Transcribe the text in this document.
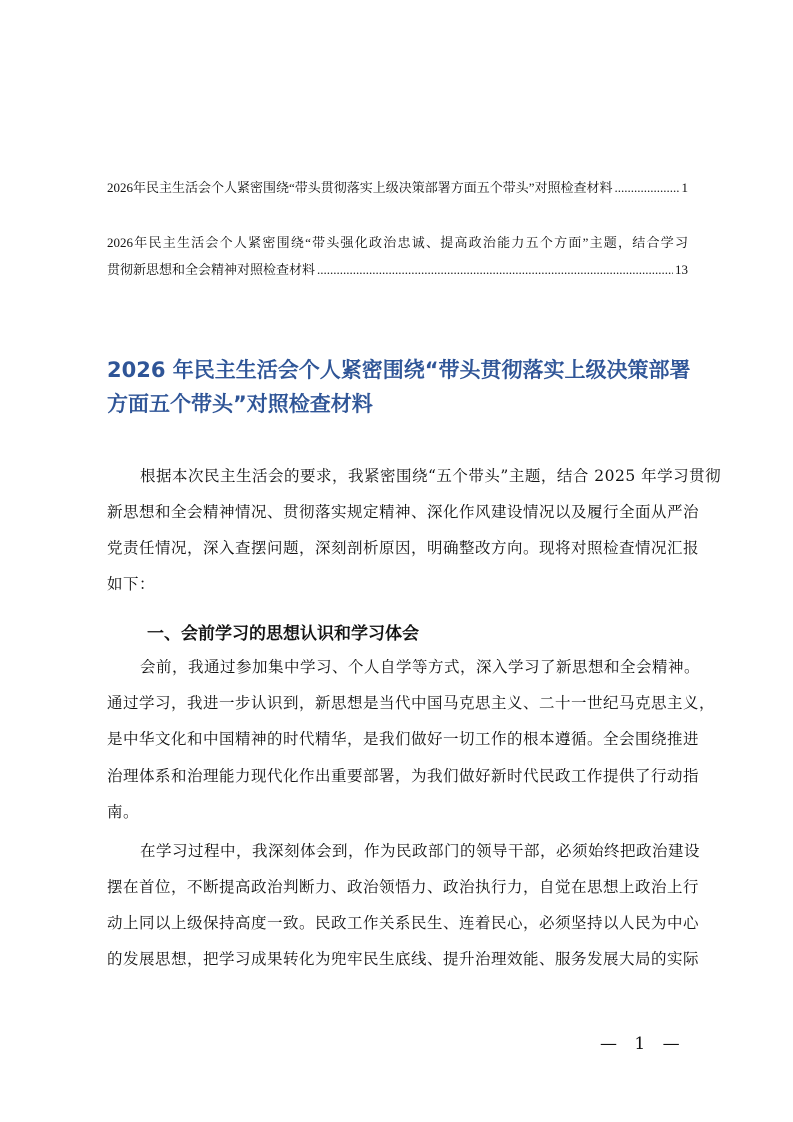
2026年民主生活会个人紧密围绕“带头贯彻落实上级决策部署方面五个带头”对照检查材料 .....	1
2026年民主生活会个人紧密围绕“带头强化政治忠诚、提高政治能力五个方面”主题，结合学习
贯彻新思想和全会精神对照检查材料 .....	13
2026 年民主生活会个人紧密围绕“带头贯彻落实上级决策部署
方面五个带头”对照检查材料
根据本次民主生活会的要求，我紧密围绕“五个带头”主题，结合 2025 年学习贯彻
新思想和全会精神情况、贯彻落实规定精神、深化作风建设情况以及履行全面从严治
党责任情况，深入查摆问题，深刻剖析原因，明确整改方向。现将对照检查情况汇报
如下：
一、会前学习的思想认识和学习体会
会前，我通过参加集中学习、个人自学等方式，深入学习了新思想和全会精神。
通过学习，我进一步认识到，新思想是当代中国马克思主义、二十一世纪马克思主义，
是中华文化和中国精神的时代精华，是我们做好一切工作的根本遵循。全会围绕推进
治理体系和治理能力现代化作出重要部署，为我们做好新时代民政工作提供了行动指
南。
在学习过程中，我深刻体会到，作为民政部门的领导干部，必须始终把政治建设
摆在首位，不断提高政治判断力、政治领悟力、政治执行力，自觉在思想上政治上行
动上同以上级保持高度一致。民政工作关系民生、连着民心，必须坚持以人民为中心
的发展思想，把学习成果转化为兜牢民生底线、提升治理效能、服务发展大局的实际
— 1 —
